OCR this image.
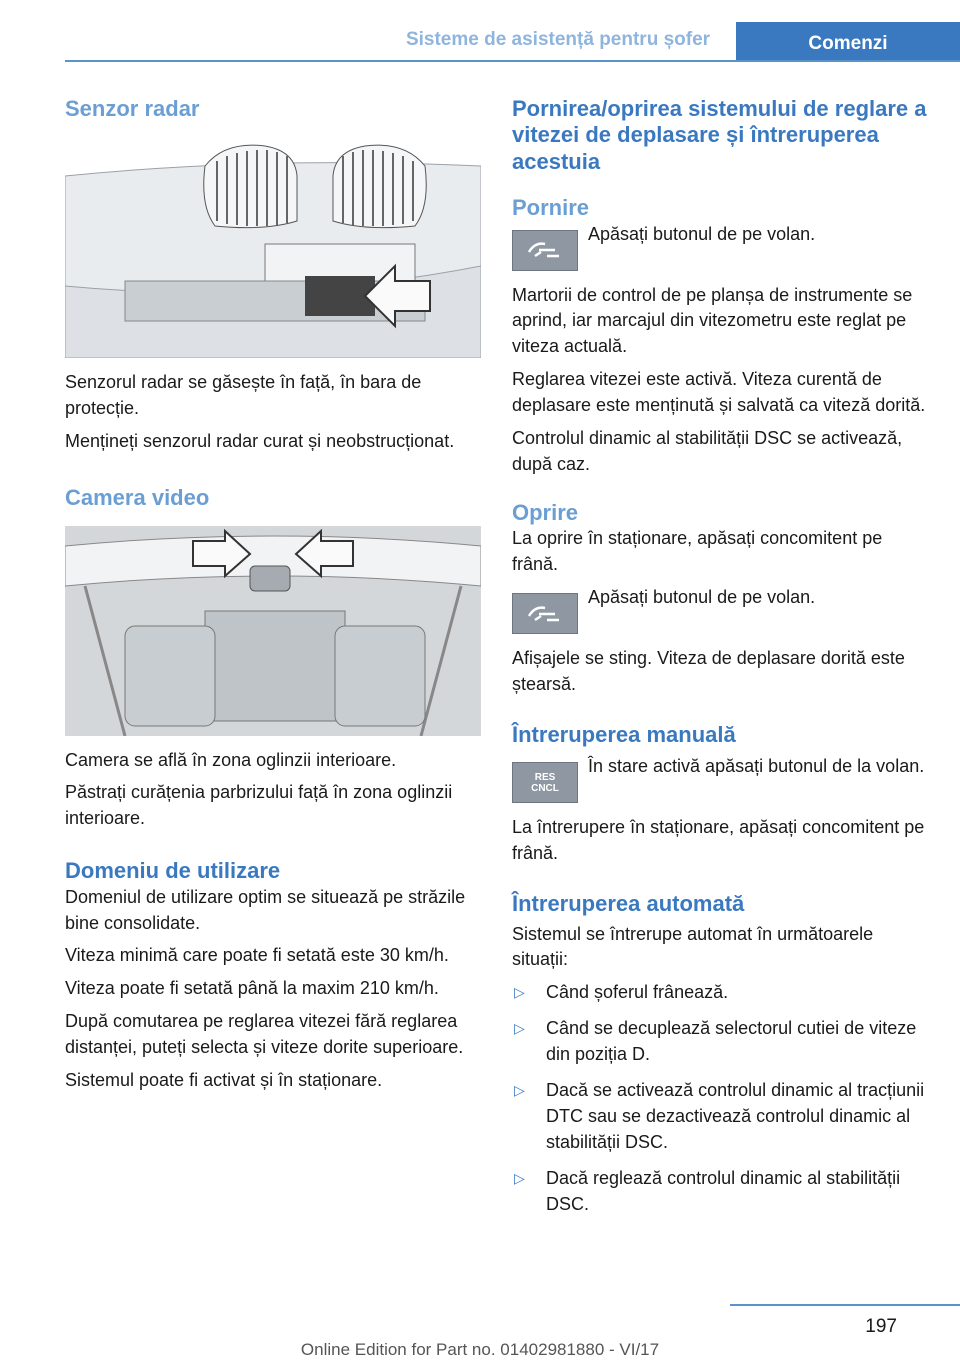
Sisteme de asistență pentru șofer	Comenzi
Senzor radar

Senzorul radar se găsește în față, în bara de protecție.

Mențineți senzorul radar curat și neobstrucționat.

Camera video

Camera se află în zona oglinzii interioare.

Păstrați curățenia parbrizului față în zona oglinzii interioare.

Domeniu de utilizare

Domeniul de utilizare optim se situează pe străzile bine consolidate.

Viteza minimă care poate fi setată este 30 km/h.

Viteza poate fi setată până la maxim 210 km/h.

După comutarea pe reglarea vitezei fără reglarea distanței, puteți selecta și viteze dorite superioare.

Sistemul poate fi activat și în staționare.

Pornirea/oprirea sistemului de reglare a vitezei de deplasare și întreruperea acestuia
Pornire
Apăsați butonul de pe volan.

Martorii de control de pe planșa de instrumente se aprind, iar marcajul din vitezometru este reglat pe viteza actuală.

Reglarea vitezei este activă. Viteza curentă de deplasare este menținută și salvată ca viteză dorită.

Controlul dinamic al stabilității DSC se activează, după caz.

Oprire

La oprire în staționare, apăsați concomitent pe frână.

Apăsați butonul de pe volan.

Afișajele se sting. Viteza de deplasare dorită este ștearsă.

Întreruperea manuală
RES CNCL
În stare activă apăsați butonul de la volan.

La întrerupere în staționare, apăsați concomitent pe frână.

Întreruperea automată

Sistemul se întrerupe automat în următoarele situații:

▷ Când șoferul frânează.
▷ Când se decuplează selectorul cutiei de viteze din poziția D.
▷ Dacă se activează controlul dinamic al tracțiunii DTC sau se dezactivează controlul dinamic al stabilității DSC.
▷ Dacă reglează controlul dinamic al stabilității DSC.
197
Online Edition for Part no. 01402981880 - VI/17
